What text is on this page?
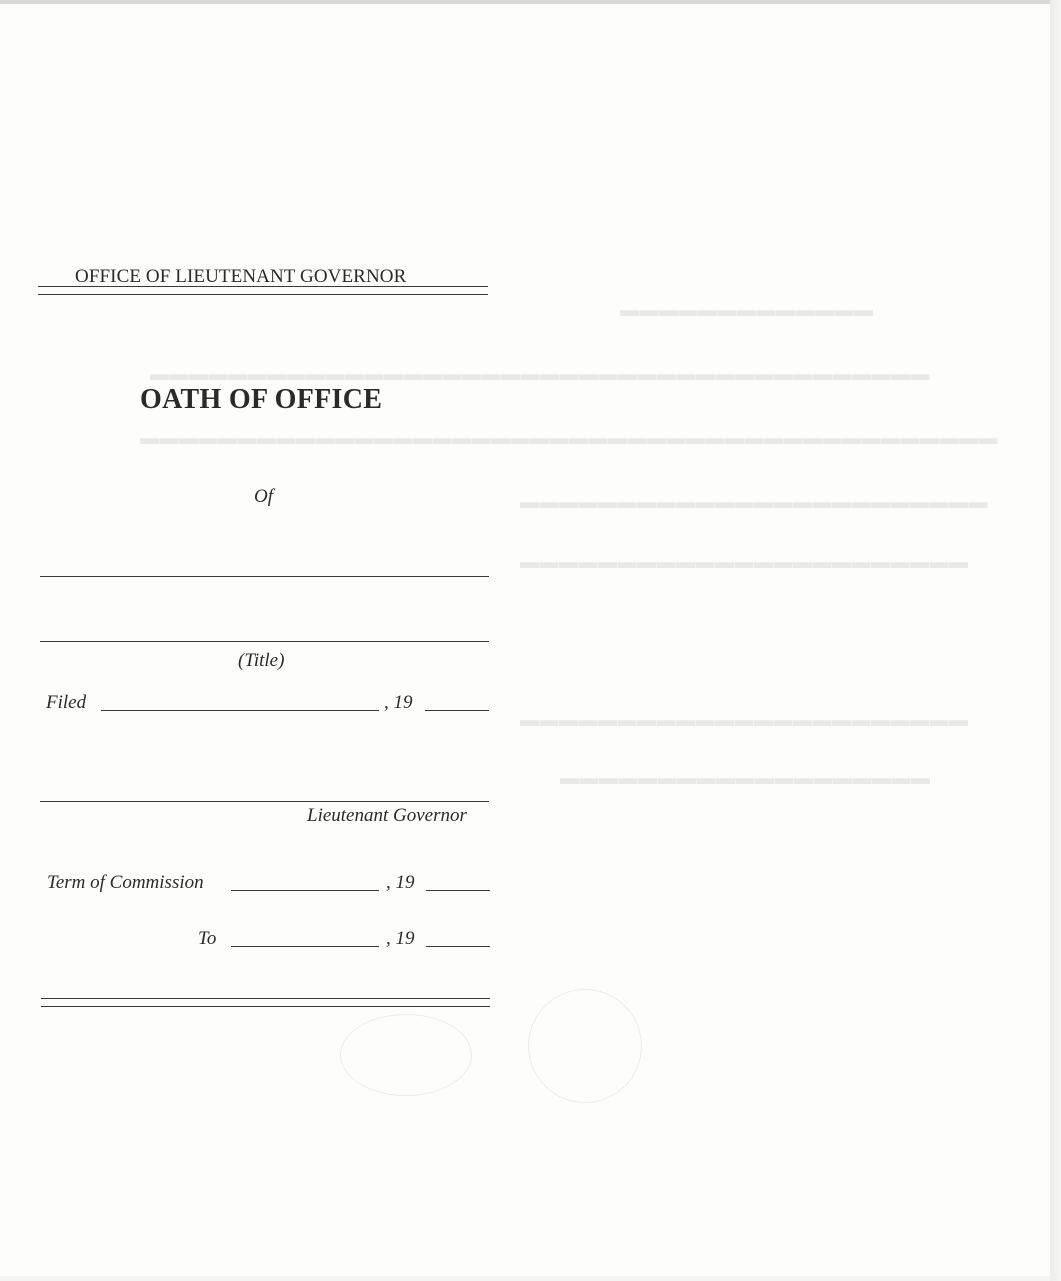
▬▬▬▬▬▬▬▬▬▬▬▬▬
▬▬▬▬▬▬▬▬▬▬▬▬▬▬▬▬▬▬▬▬▬▬▬▬▬▬▬▬▬▬▬▬▬▬▬▬▬▬▬▬
▬▬▬▬▬▬▬▬▬▬▬▬▬▬▬▬▬▬▬▬▬▬▬▬▬▬▬▬▬▬▬▬▬▬▬▬▬▬▬▬▬▬▬▬
▬▬▬▬▬▬▬▬▬▬▬▬▬▬▬▬▬▬▬▬▬▬▬▬
▬▬▬▬▬▬▬▬▬▬▬▬▬▬▬▬▬▬▬▬▬▬▬
▬▬▬▬▬▬▬▬▬▬▬▬▬▬▬▬▬▬▬▬▬▬▬
▬▬▬▬▬▬▬▬▬▬▬▬▬▬▬▬▬▬▬
OFFICE OF LIEUTENANT GOVERNOR
OATH OF OFFICE
Of
(Title)
Filed	, 19
Lieutenant Governor
Term of Commission	, 19
To	, 19
